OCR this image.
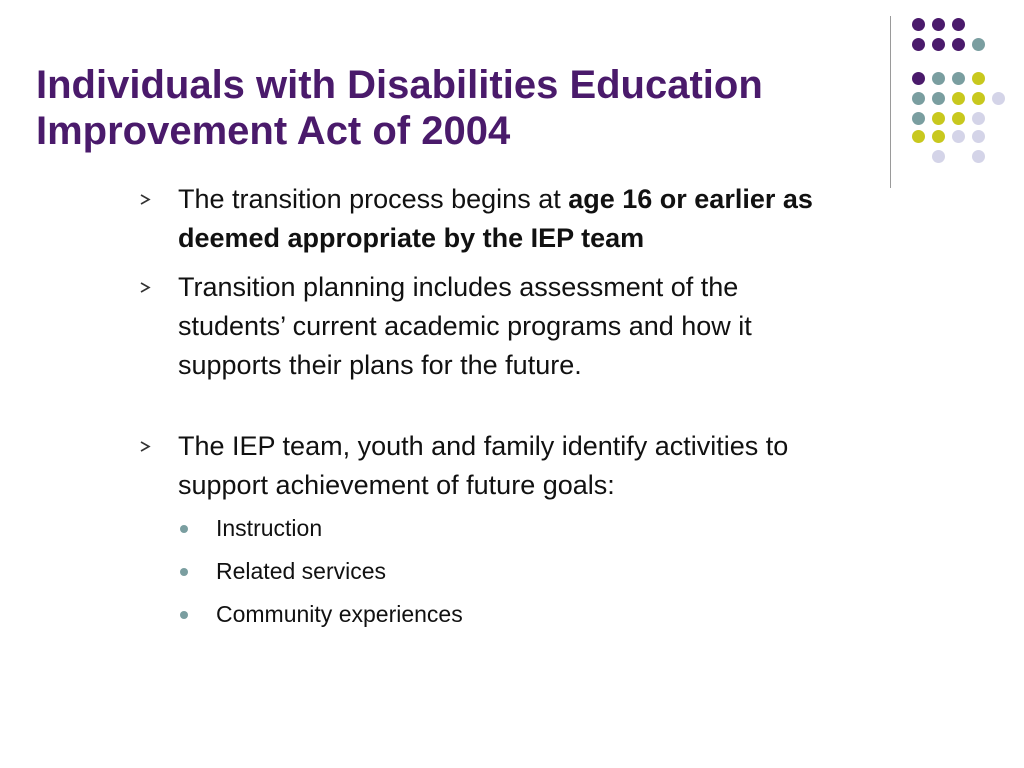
Individuals with Disabilities Education
Improvement Act of 2004
The transition process begins at age 16 or earlier as
deemed appropriate by the IEP team
Transition planning includes assessment of the
students’ current academic programs and how it
supports their plans for the future.
The IEP team, youth and family identify activities to
support achievement of future goals:
Instruction
Related services
Community experiences
